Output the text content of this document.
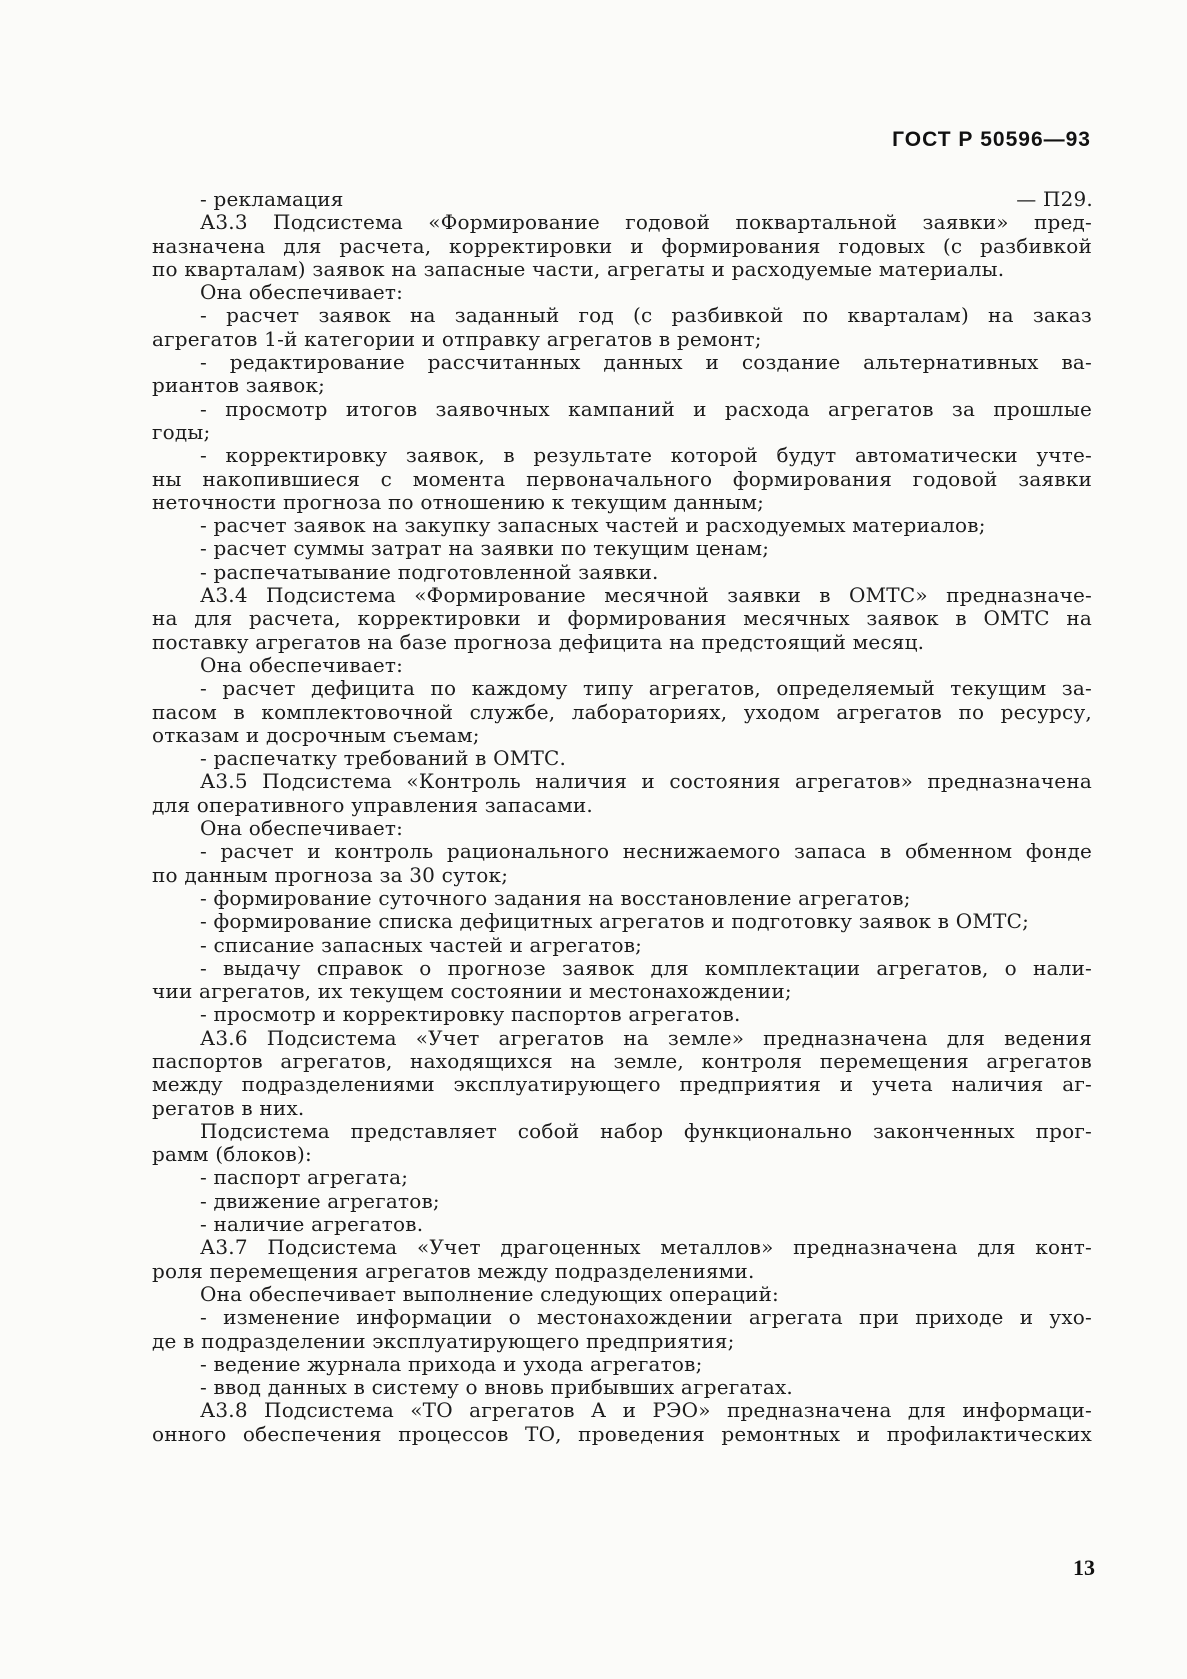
ГОСТ Р 50596—93
- рекламация	— П29.
А3.3 Подсистема «Формирование годовой поквартальной заявки» пред-
назначена для расчета, корректировки и формирования годовых (с разбивкой
по кварталам) заявок на запасные части, агрегаты и расходуемые материалы.
Она обеспечивает:
- расчет заявок на заданный год (с разбивкой по кварталам) на заказ
агрегатов 1-й категории и отправку агрегатов в ремонт;
- редактирование рассчитанных данных и создание альтернативных ва-
риантов заявок;
- просмотр итогов заявочных кампаний и расхода агрегатов за прошлые
годы;
- корректировку заявок, в результате которой будут автоматически учте-
ны накопившиеся с момента первоначального формирования годовой заявки
неточности прогноза по отношению к текущим данным;
- расчет заявок на закупку запасных частей и расходуемых материалов;
- расчет суммы затрат на заявки по текущим ценам;
- распечатывание подготовленной заявки.
А3.4 Подсистема «Формирование месячной заявки в ОМТС» предназначе-
на для расчета, корректировки и формирования месячных заявок в ОМТС на
поставку агрегатов на базе прогноза дефицита на предстоящий месяц.
Она обеспечивает:
- расчет дефицита по каждому типу агрегатов, определяемый текущим за-
пасом в комплектовочной службе, лабораториях, уходом агрегатов по ресурсу,
отказам и досрочным съемам;
- распечатку требований в ОМТС.
А3.5 Подсистема «Контроль наличия и состояния агрегатов» предназначена
для оперативного управления запасами.
Она обеспечивает:
- расчет и контроль рационального неснижаемого запаса в обменном фонде
по данным прогноза за 30 суток;
- формирование суточного задания на восстановление агрегатов;
- формирование списка дефицитных агрегатов и подготовку заявок в ОМТС;
- списание запасных частей и агрегатов;
- выдачу справок о прогнозе заявок для комплектации агрегатов, о нали-
чии агрегатов, их текущем состоянии и местонахождении;
- просмотр и корректировку паспортов агрегатов.
А3.6 Подсистема «Учет агрегатов на земле» предназначена для ведения
паспортов агрегатов, находящихся на земле, контроля перемещения агрегатов
между подразделениями эксплуатирующего предприятия и учета наличия аг-
регатов в них.
Подсистема представляет собой набор функционально законченных прог-
рамм (блоков):
- паспорт агрегата;
- движение агрегатов;
- наличие агрегатов.
А3.7 Подсистема «Учет драгоценных металлов» предназначена для конт-
роля перемещения агрегатов между подразделениями.
Она обеспечивает выполнение следующих операций:
- изменение информации о местонахождении агрегата при приходе и ухо-
де в подразделении эксплуатирующего предприятия;
- ведение журнала прихода и ухода агрегатов;
- ввод данных в систему о вновь прибывших агрегатах.
А3.8 Подсистема «ТО агрегатов А и РЭО» предназначена для информаци-
онного обеспечения процессов ТО, проведения ремонтных и профилактических
13
